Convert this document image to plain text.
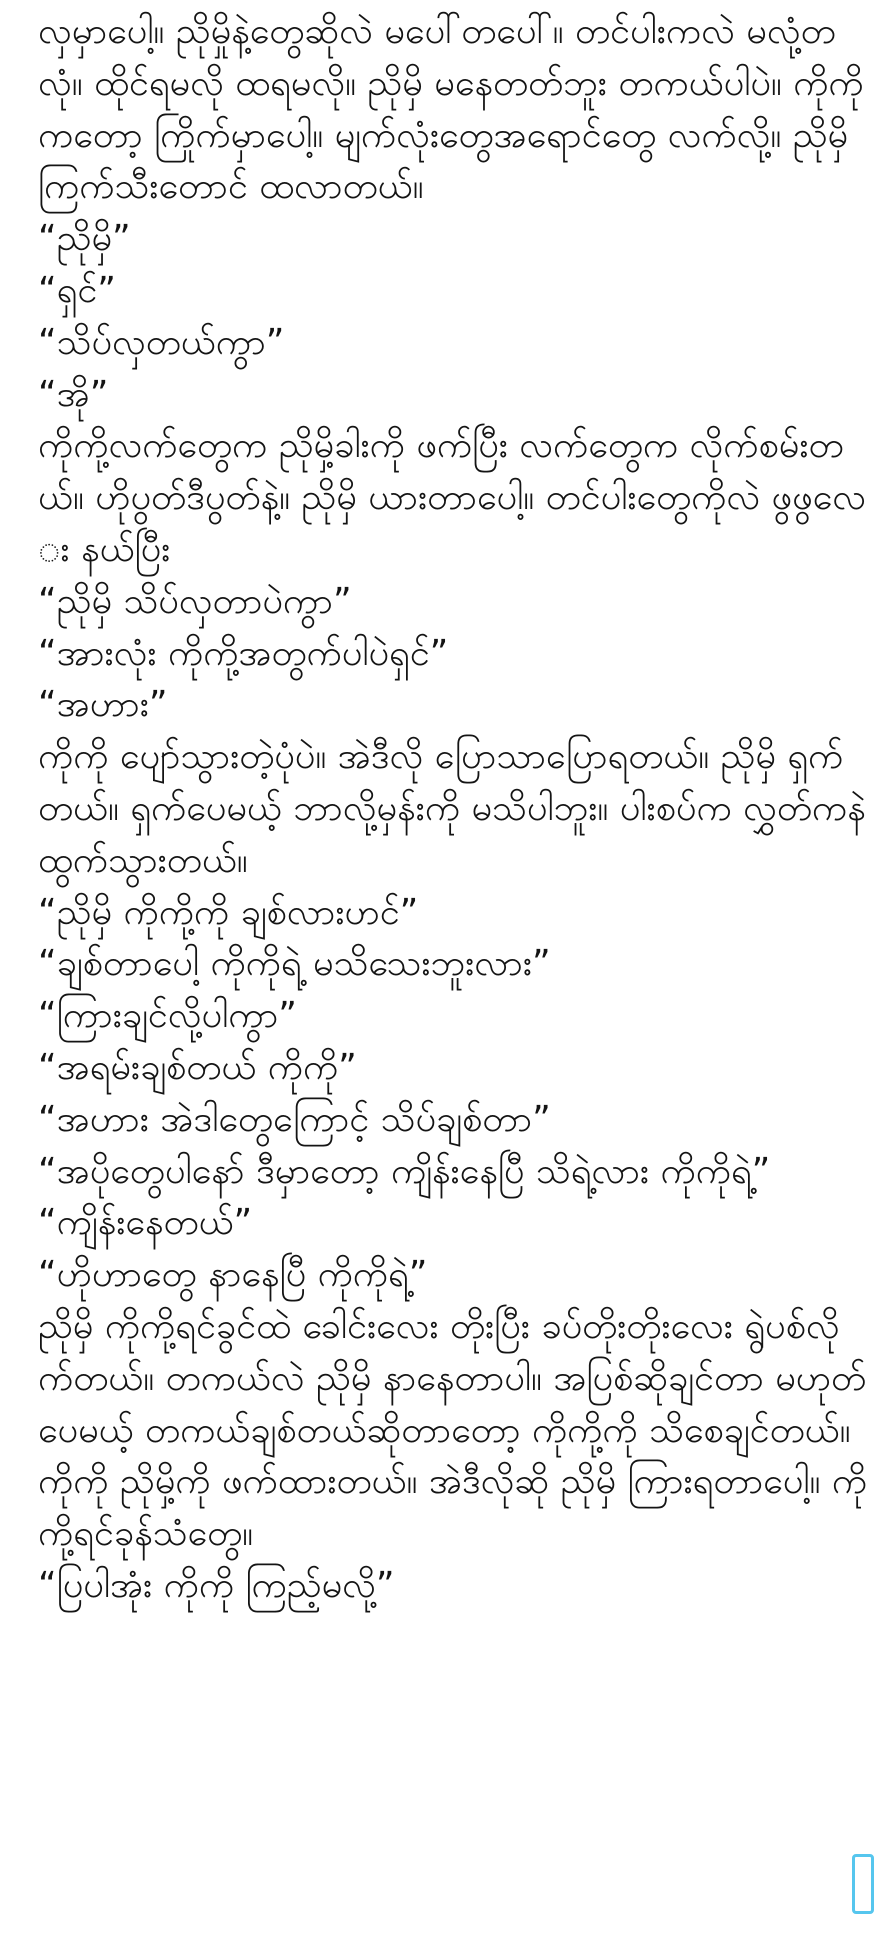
လှမှာပေါ့။ ညိုမှိုနဲ့တွေဆိုလဲ မပေါ်တပေါ်။ တင်ပါးကလဲ မလုံ့တလုံ။ ထိုင်ရမလို ထရမလို။ ညိုမှိ မနေတတ်ဘူး တကယ်ပါပဲ။ ကိုကိုကတော့ ကြိုက်မှာပေါ့။ မျက်လုံးတွေအရောင်တွေ လက်လို့။ ညိုမှိ ကြက်သီးတောင် ထလာတယ်။

“ညိုမှိ”

“ရှင်”

“သိပ်လှတယ်ကွာ”

“အို”

ကိုကို့လက်တွေက ညိုမှိ့ခါးကို ဖက်ပြီး လက်တွေက လိုက်စမ်းတယ်။ ဟိုပွတ်ဒီပွတ်နဲ့။ ညိုမှိ ယားတာပေါ့။ တင်ပါးတွေကိုလဲ ဖွဖွလေး နယ်ပြီး

“ညိုမှိ သိပ်လှတာပဲကွာ”

“အားလုံး ကိုကို့အတွက်ပါပဲရှင်”

“အဟား”

ကိုကို ပျော်သွားတဲ့ပုံပဲ။ အဲဒီလို ပြောသာပြောရတယ်။ ညိုမှိ ရှက်တယ်။ ရှက်ပေမယ့် ဘာလို့မှန်းကို မသိပါဘူး။ ပါးစပ်က လွှတ်ကနဲ ထွက်သွားတယ်။

“ညိုမှိ ကိုကို့ကို ချစ်လားဟင်”

“ချစ်တာပေါ့ ကိုကိုရဲ့ မသိသေးဘူးလား”

“ကြားချင်လို့ပါကွာ”

“အရမ်းချစ်တယ် ကိုကို”

“အဟား အဲဒါတွေကြောင့် သိပ်ချစ်တာ”

“အပိုတွေပါနော် ဒီမှာတော့ ကျိန်းနေပြီ သိရဲ့လား ကိုကိုရဲ့”

“ကျိန်းနေတယ်”

“ဟိုဟာတွေ နာနေပြီ ကိုကိုရဲ့”

ညိုမှိ ကိုကို့ရင်ခွင်ထဲ ခေါင်းလေး တိုးပြီး ခပ်တိုးတိုးလေး ရွဲပစ်လိုက်တယ်။ တကယ်လဲ ညိုမှိ နာနေတာပါ။ အပြစ်ဆိုချင်တာ မဟုတ်ပေမယ့် တကယ်ချစ်တယ်ဆိုတာတော့ ကိုကို့ကို သိစေချင်တယ်။ ကိုကို ညိုမှိ့ကို ဖက်ထားတယ်။ အဲဒီလိုဆို ညိုမှိ ကြားရတာပေါ့။ ကိုကို့ရင်ခုန်သံတွေ။

“ပြပါအုံး ကိုကို ကြည့်မလို့”
